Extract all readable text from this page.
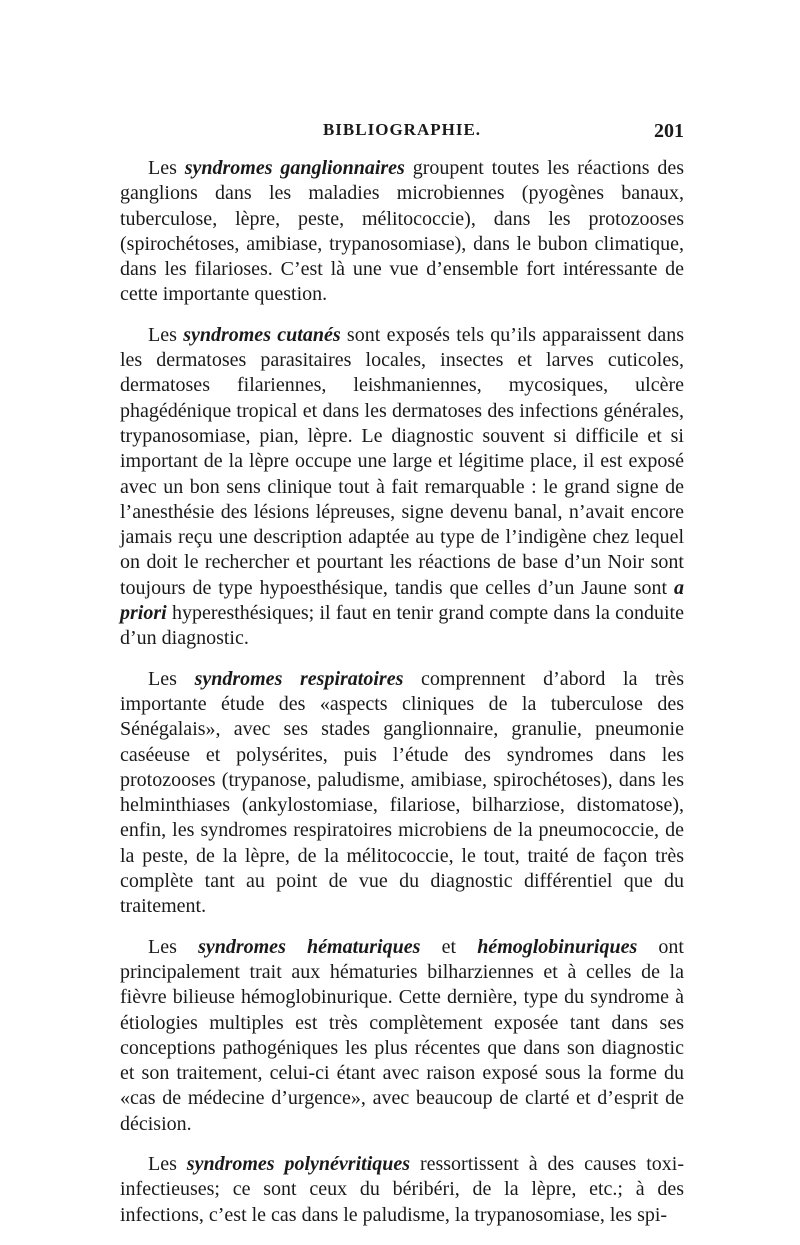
BIBLIOGRAPHIE.	201

Les syndromes ganglionnaires groupent toutes les réactions des ganglions dans les maladies microbiennes (pyogènes banaux, tuberculose, lèpre, peste, mélitococcie), dans les protozooses (spirochétoses, amibiase, trypanosomiase), dans le bubon climatique, dans les filarioses. C’est là une vue d’ensemble fort intéressante de cette importante question.

Les syndromes cutanés sont exposés tels qu’ils apparaissent dans les dermatoses parasitaires locales, insectes et larves cuticoles, dermatoses filariennes, leishmaniennes, mycosiques, ulcère phagédénique tropical et dans les dermatoses des infections générales, trypanosomiase, pian, lèpre. Le diagnostic souvent si difficile et si important de la lèpre occupe une large et légitime place, il est exposé avec un bon sens clinique tout à fait remarquable : le grand signe de l’anesthésie des lésions lépreuses, signe devenu banal, n’avait encore jamais reçu une description adaptée au type de l’indigène chez lequel on doit le rechercher et pourtant les réactions de base d’un Noir sont toujours de type hypoesthésique, tandis que celles d’un Jaune sont a priori hyperesthésiques; il faut en tenir grand compte dans la conduite d’un diagnostic.

Les syndromes respiratoires comprennent d’abord la très importante étude des «aspects cliniques de la tuberculose des Sénégalais», avec ses stades ganglionnaire, granulie, pneumonie caséeuse et polysérites, puis l’étude des syndromes dans les protozooses (trypanose, paludisme, amibiase, spirochétoses), dans les helminthiases (ankylostomiase, filariose, bilharziose, distomatose), enfin, les syndromes respiratoires microbiens de la pneumococcie, de la peste, de la lèpre, de la mélitococcie, le tout, traité de façon très complète tant au point de vue du diagnostic différentiel que du traitement.

Les syndromes hématuriques et hémoglobinuriques ont principalement trait aux hématuries bilharziennes et à celles de la fièvre bilieuse hémoglobinurique. Cette dernière, type du syndrome à étiologies multiples est très complètement exposée tant dans ses conceptions pathogéniques les plus récentes que dans son diagnostic et son traitement, celui-ci étant avec raison exposé sous la forme du «cas de médecine d’urgence», avec beaucoup de clarté et d’esprit de décision.

Les syndromes polynévritiques ressortissent à des causes toxi-infectieuses; ce sont ceux du béribéri, de la lèpre, etc.; à des infections, c’est le cas dans le paludisme, la trypanosomiase, les spi-
